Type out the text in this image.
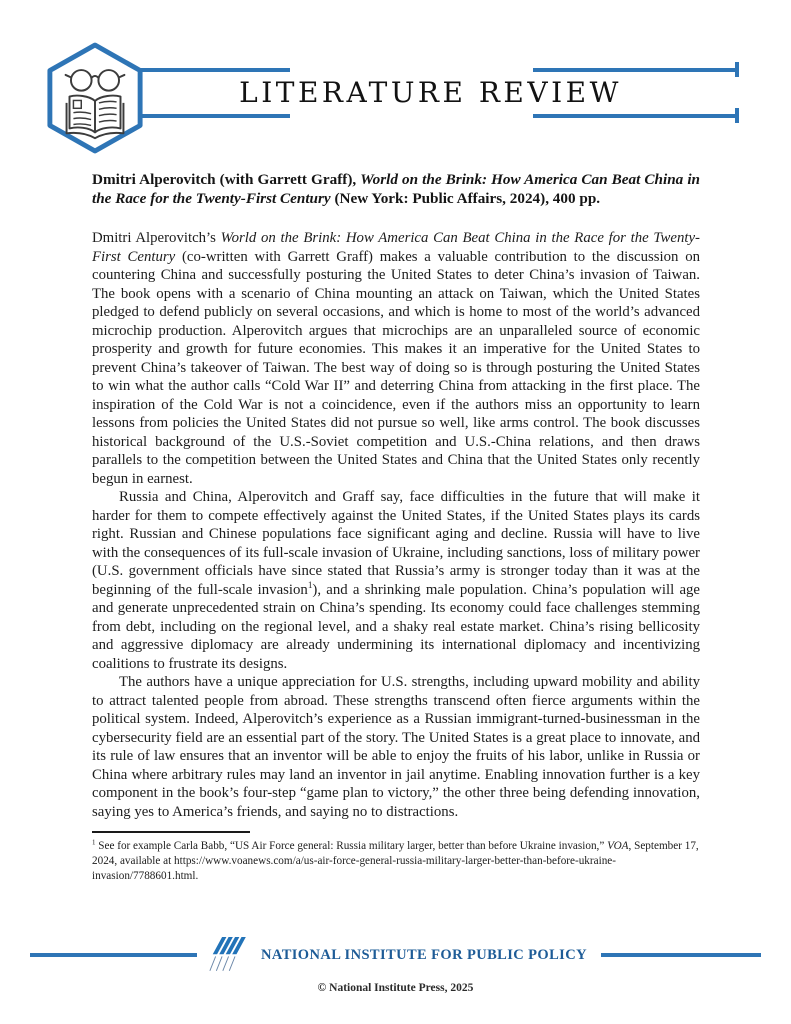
LITERATURE REVIEW
Dmitri Alperovitch (with Garrett Graff), World on the Brink: How America Can Beat China in the Race for the Twenty-First Century (New York: Public Affairs, 2024), 400 pp.

Dmitri Alperovitch’s World on the Brink: How America Can Beat China in the Race for the Twenty-First Century (co-written with Garrett Graff) makes a valuable contribution to the discussion on countering China and successfully posturing the United States to deter China’s invasion of Taiwan. The book opens with a scenario of China mounting an attack on Taiwan, which the United States pledged to defend publicly on several occasions, and which is home to most of the world’s advanced microchip production. Alperovitch argues that microchips are an unparalleled source of economic prosperity and growth for future economies. This makes it an imperative for the United States to prevent China’s takeover of Taiwan. The best way of doing so is through posturing the United States to win what the author calls “Cold War II” and deterring China from attacking in the first place. The inspiration of the Cold War is not a coincidence, even if the authors miss an opportunity to learn lessons from policies the United States did not pursue so well, like arms control. The book discusses historical background of the U.S.-Soviet competition and U.S.-China relations, and then draws parallels to the competition between the United States and China that the United States only recently begun in earnest.

Russia and China, Alperovitch and Graff say, face difficulties in the future that will make it harder for them to compete effectively against the United States, if the United States plays its cards right. Russian and Chinese populations face significant aging and decline. Russia will have to live with the consequences of its full-scale invasion of Ukraine, including sanctions, loss of military power (U.S. government officials have since stated that Russia’s army is stronger today than it was at the beginning of the full-scale invasion$^1$), and a shrinking male population. China’s population will age and generate unprecedented strain on China’s spending. Its economy could face challenges stemming from debt, including on the regional level, and a shaky real estate market. China’s rising bellicosity and aggressive diplomacy are already undermining its international diplomacy and incentivizing coalitions to frustrate its designs.

The authors have a unique appreciation for U.S. strengths, including upward mobility and ability to attract talented people from abroad. These strengths transcend often fierce arguments within the political system. Indeed, Alperovitch’s experience as a Russian immigrant-turned-businessman in the cybersecurity field are an essential part of the story. The United States is a great place to innovate, and its rule of law ensures that an inventor will be able to enjoy the fruits of his labor, unlike in Russia or China where arbitrary rules may land an inventor in jail anytime. Enabling innovation further is a key component in the book’s four-step “game plan to victory,” the other three being defending innovation, saying yes to America’s friends, and saying no to distractions.

$^1$ See for example Carla Babb, “US Air Force general: Russia military larger, better than before Ukraine invasion,” VOA, September 17, 2024, available at https://www.voanews.com/a/us-air-force-general-russia-military-larger-better-than-before-ukraine-invasion/7788601.html.

NATIONAL INSTITUTE FOR PUBLIC POLICY
© National Institute Press, 2025
